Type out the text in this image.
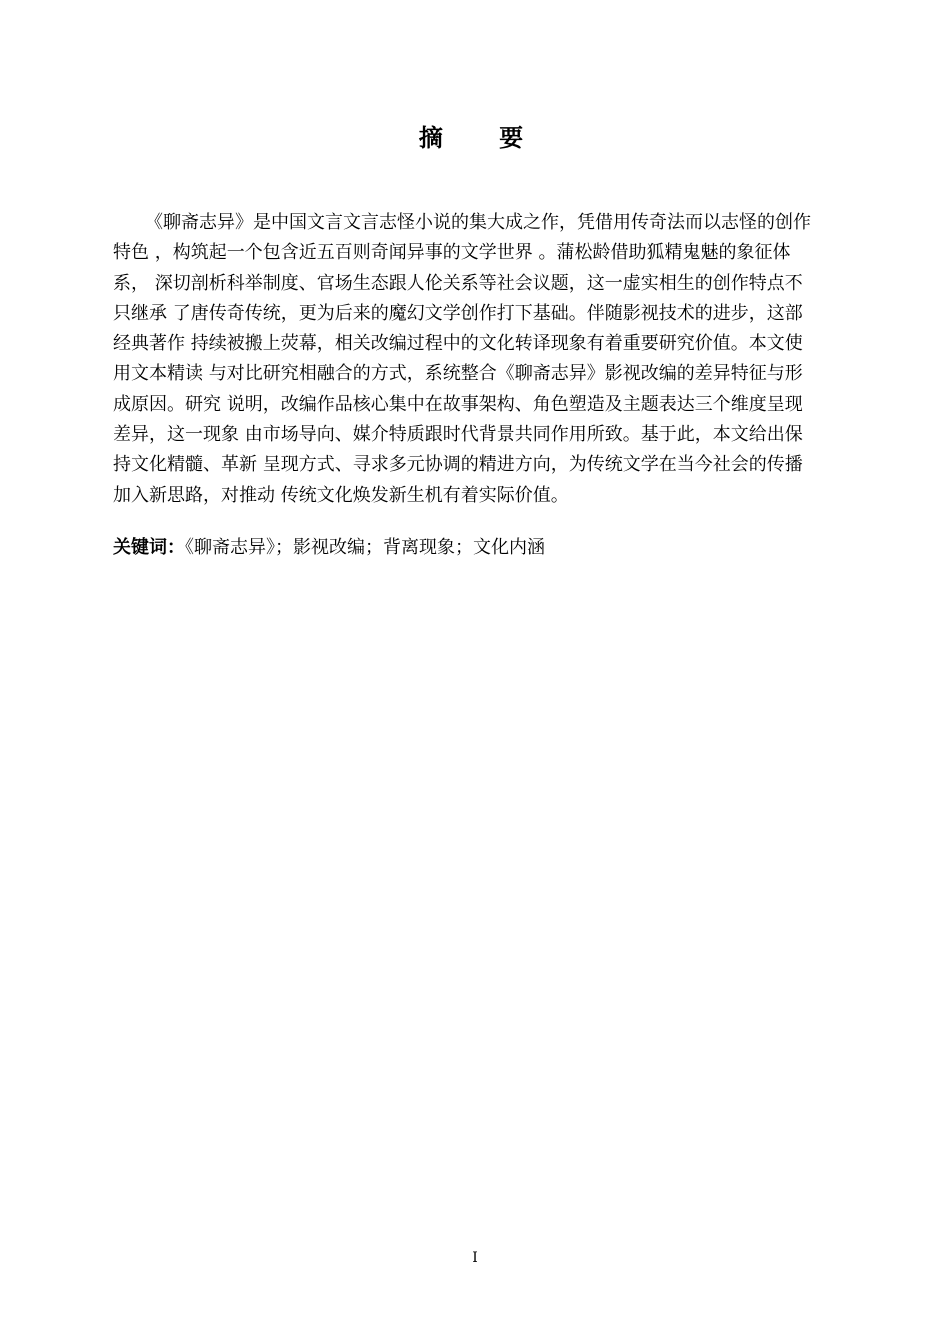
摘 要
《聊斋志异》是中国文言文言志怪小说的集大成之作，凭借用传奇法而以志怪的创作
特色 ，构筑起一个包含近五百则奇闻异事的文学世界 。蒲松龄借助狐精鬼魅的象征体
系， 深切剖析科举制度、官场生态跟人伦关系等社会议题，这一虚实相生的创作特点不
只继承 了唐传奇传统，更为后来的魔幻文学创作打下基础。伴随影视技术的进步，这部
经典著作 持续被搬上荧幕，相关改编过程中的文化转译现象有着重要研究价值。本文使
用文本精读 与对比研究相融合的方式，系统整合《聊斋志异》影视改编的差异特征与形
成原因。研究 说明，改编作品核心集中在故事架构、角色塑造及主题表达三个维度呈现
差异，这一现象 由市场导向、媒介特质跟时代背景共同作用所致。基于此，本文给出保
持文化精髓、革新 呈现方式、寻求多元协调的精进方向，为传统文学在当今社会的传播
加入新思路，对推动 传统文化焕发新生机有着实际价值。
关键词：《聊斋志异》；影视改编；背离现象；文化内涵
I
